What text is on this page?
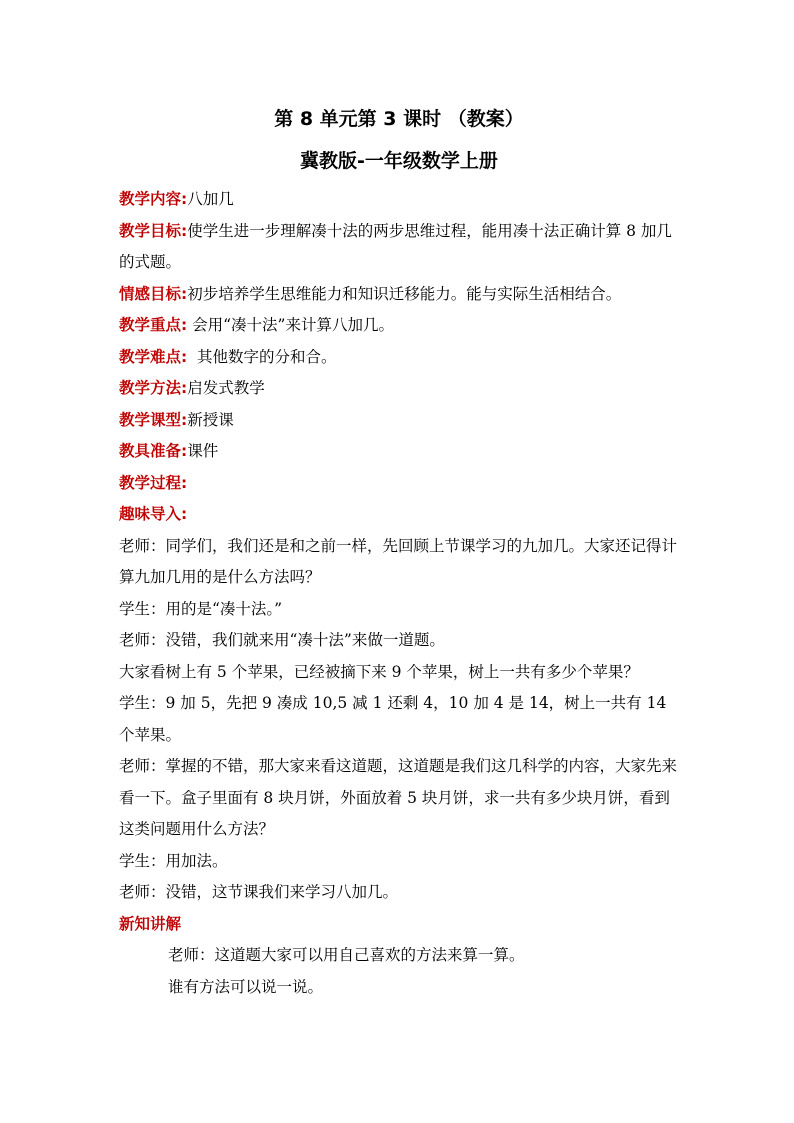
第 8 单元第 3 课时 （教案）

冀教版-一年级数学上册

教学内容:八加几

教学目标:使学生进一步理解凑十法的两步思维过程，能用凑十法正确计算 8 加几的式题。

情感目标:初步培养学生思维能力和知识迁移能力。能与实际生活相结合。

教学重点: 会用“凑十法”来计算八加几。

教学难点:  其他数字的分和合。

教学方法:启发式教学

教学课型:新授课

教具准备:课件

教学过程:

趣味导入:

老师：同学们，我们还是和之前一样，先回顾上节课学习的九加几。大家还记得计算九加几用的是什么方法吗？

学生：用的是“凑十法。”

老师：没错，我们就来用“凑十法”来做一道题。

大家看树上有 5 个苹果，已经被摘下来 9 个苹果，树上一共有多少个苹果？

学生：9 加 5，先把 9 凑成 10,5 减 1 还剩 4，10 加 4 是 14，树上一共有 14 个苹果。

老师：掌握的不错，那大家来看这道题，这道题是我们这几科学的内容，大家先来看一下。盒子里面有 8 块月饼，外面放着 5 块月饼，求一共有多少块月饼，看到这类问题用什么方法？

学生：用加法。

老师：没错，这节课我们来学习八加几。

新知讲解

老师：这道题大家可以用自己喜欢的方法来算一算。

谁有方法可以说一说。
